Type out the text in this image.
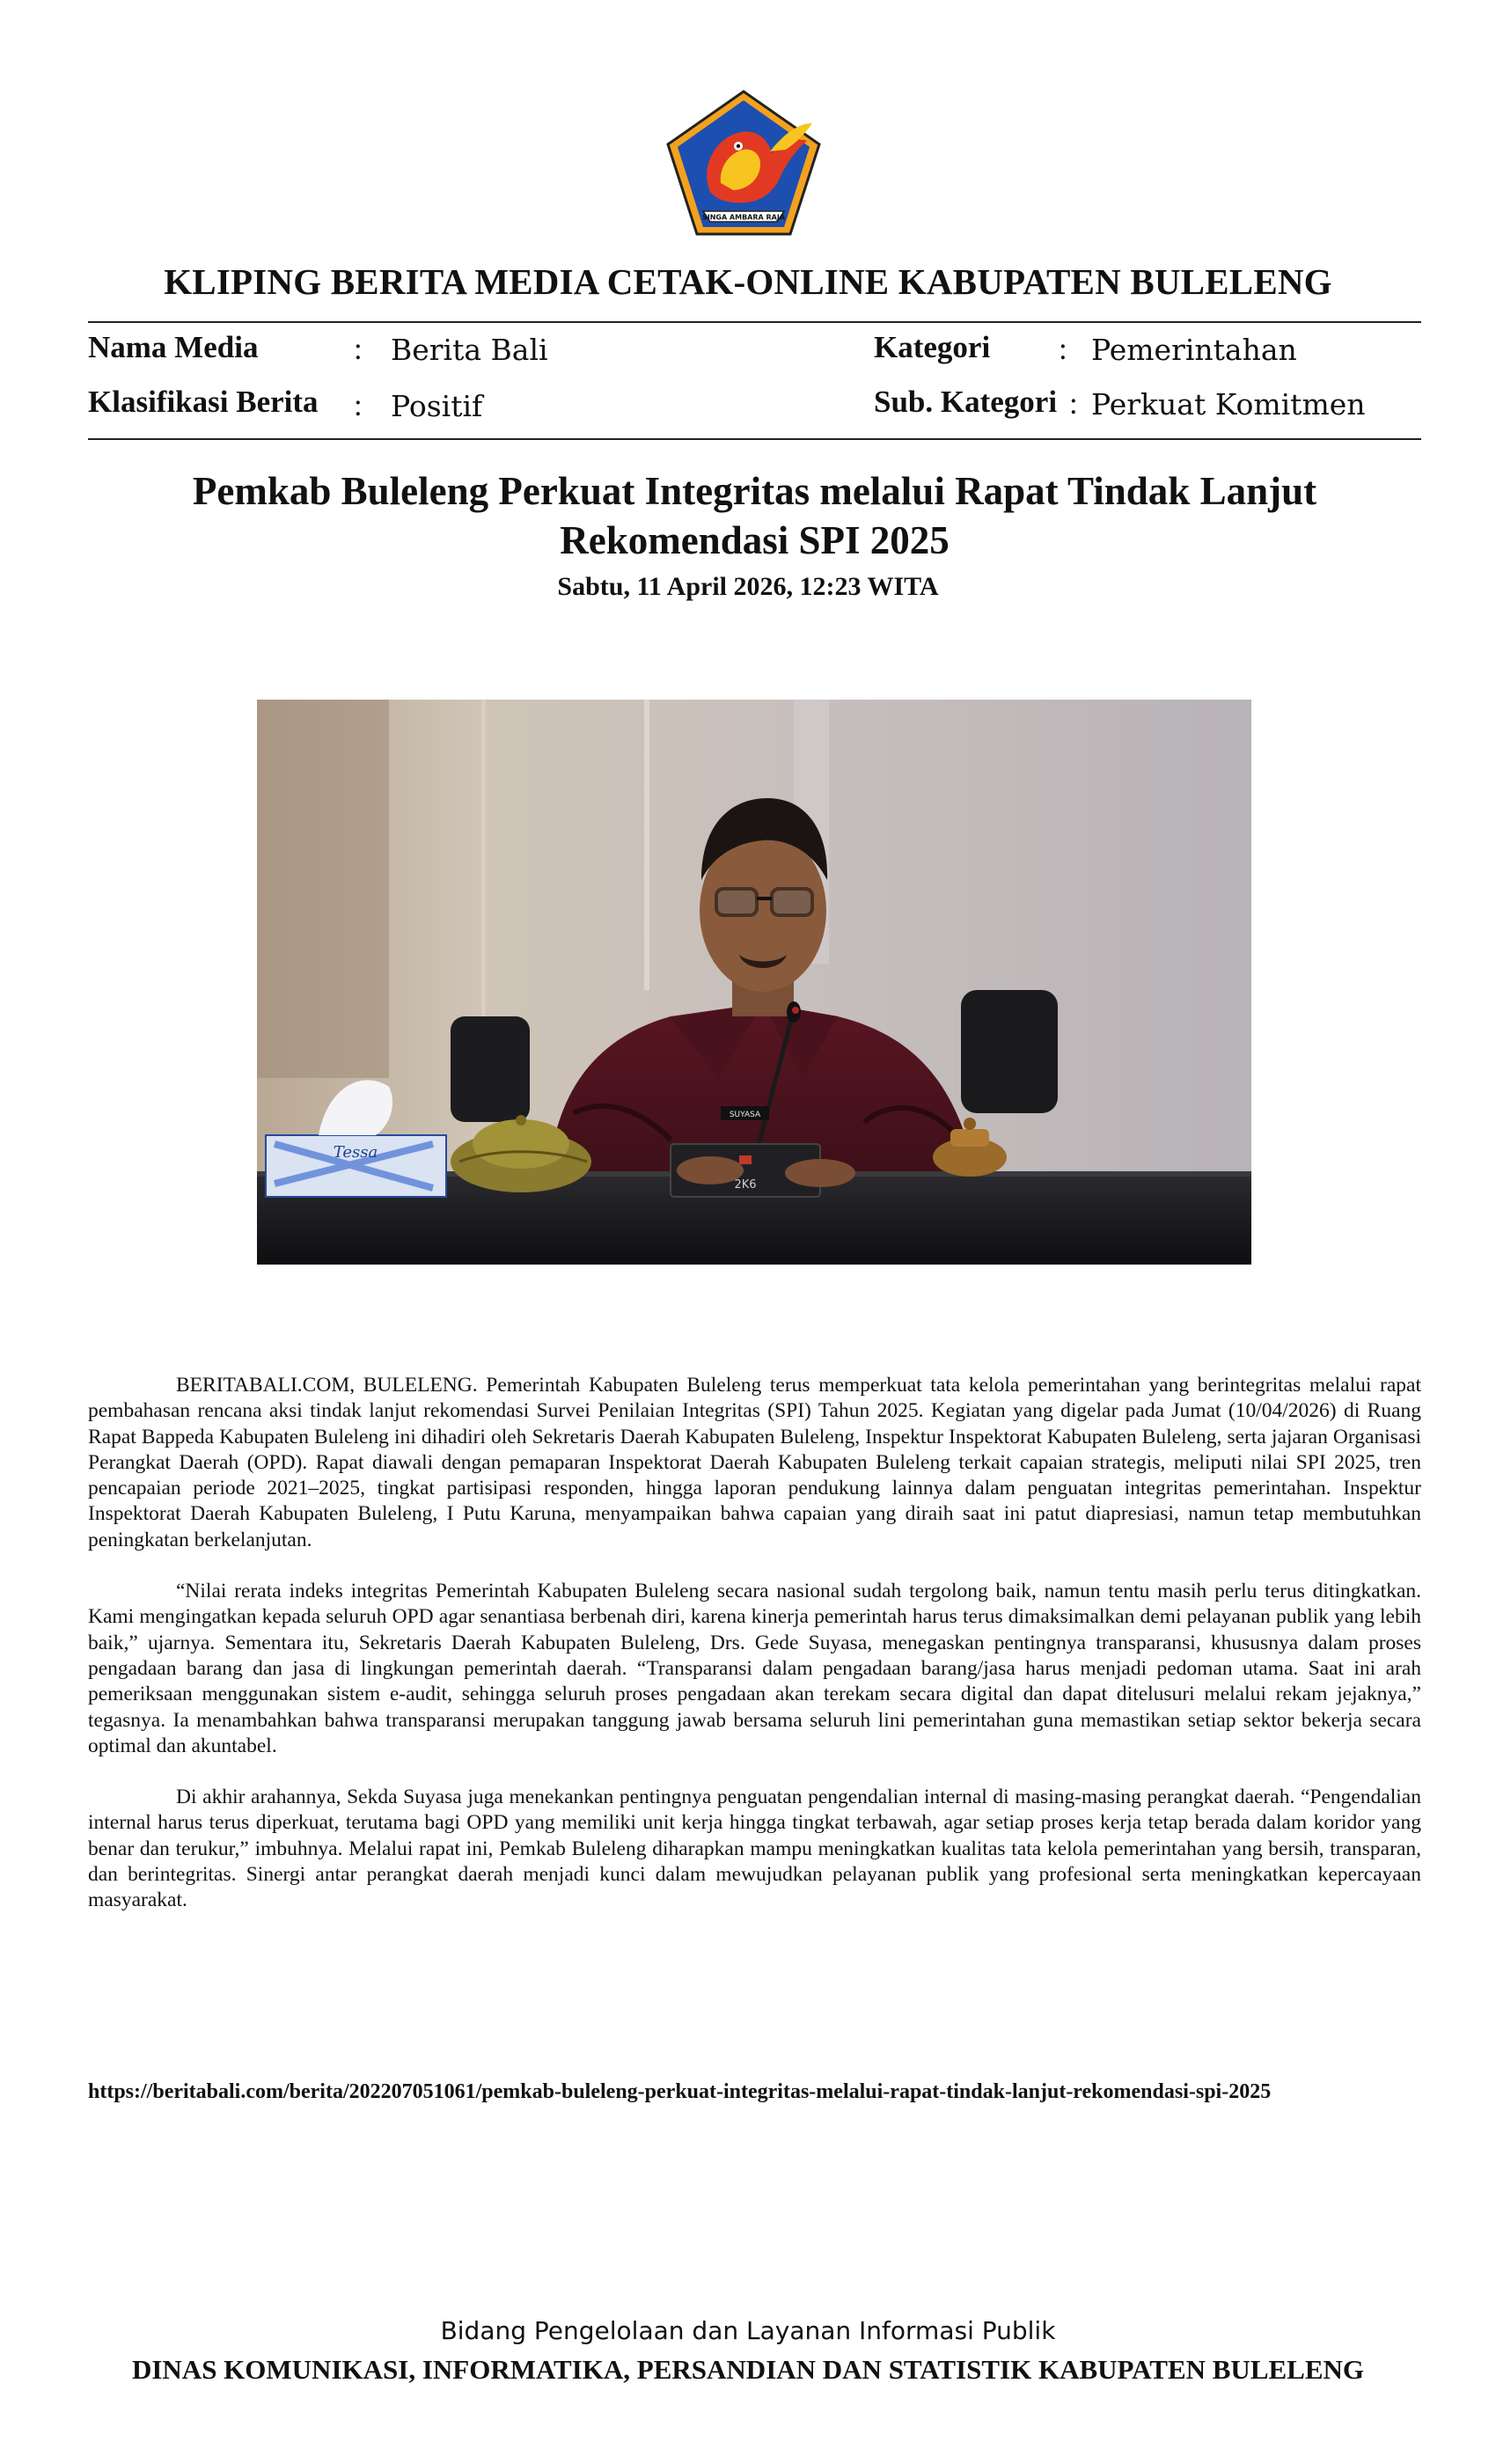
SINGA AMBARA RAJA
KLIPING BERITA MEDIA CETAK-ONLINE KABUPATEN BULELENG
Nama Media	: Berita Bali
Klasifikasi Berita : Positif
Kategori : Pemerintahan
Sub. Kategori : Perkuat Komitmen
Pemkab Buleleng Perkuat Integritas melalui Rapat Tindak Lanjut Rekomendasi SPI 2025
Sabtu, 11 April 2026, 12:23 WITA
SUYASA
2K6
Tessa

BERITABALI.COM, BULELENG. Pemerintah Kabupaten Buleleng terus memperkuat tata kelola pemerintahan yang berintegritas melalui rapat pembahasan rencana aksi tindak lanjut rekomendasi Survei Penilaian Integritas (SPI) Tahun 2025. Kegiatan yang digelar pada Jumat (10/04/2026) di Ruang Rapat Bappeda Kabupaten Buleleng ini dihadiri oleh Sekretaris Daerah Kabupaten Buleleng, Inspektur Inspektorat Kabupaten Buleleng, serta jajaran Organisasi Perangkat Daerah (OPD). Rapat diawali dengan pemaparan Inspektorat Daerah Kabupaten Buleleng terkait capaian strategis, meliputi nilai SPI 2025, tren pencapaian periode 2021–2025, tingkat partisipasi responden, hingga laporan pendukung lainnya dalam penguatan integritas pemerintahan. Inspektur Inspektorat Daerah Kabupaten Buleleng, I Putu Karuna, menyampaikan bahwa capaian yang diraih saat ini patut diapresiasi, namun tetap membutuhkan peningkatan berkelanjutan.

“Nilai rerata indeks integritas Pemerintah Kabupaten Buleleng secara nasional sudah tergolong baik, namun tentu masih perlu terus ditingkatkan. Kami mengingatkan kepada seluruh OPD agar senantiasa berbenah diri, karena kinerja pemerintah harus terus dimaksimalkan demi pelayanan publik yang lebih baik,” ujarnya. Sementara itu, Sekretaris Daerah Kabupaten Buleleng, Drs. Gede Suyasa, menegaskan pentingnya transparansi, khususnya dalam proses pengadaan barang dan jasa di lingkungan pemerintah daerah. “Transparansi dalam pengadaan barang/jasa harus menjadi pedoman utama. Saat ini arah pemeriksaan menggunakan sistem e-audit, sehingga seluruh proses pengadaan akan terekam secara digital dan dapat ditelusuri melalui rekam jejaknya,” tegasnya. Ia menambahkan bahwa transparansi merupakan tanggung jawab bersama seluruh lini pemerintahan guna memastikan setiap sektor bekerja secara optimal dan akuntabel.

Di akhir arahannya, Sekda Suyasa juga menekankan pentingnya penguatan pengendalian internal di masing-masing perangkat daerah. “Pengendalian internal harus terus diperkuat, terutama bagi OPD yang memiliki unit kerja hingga tingkat terbawah, agar setiap proses kerja tetap berada dalam koridor yang benar dan terukur,” imbuhnya. Melalui rapat ini, Pemkab Buleleng diharapkan mampu meningkatkan kualitas tata kelola pemerintahan yang bersih, transparan, dan berintegritas. Sinergi antar perangkat daerah menjadi kunci dalam mewujudkan pelayanan publik yang profesional serta meningkatkan kepercayaan masyarakat.

https://beritabali.com/berita/202207051061/pemkab-buleleng-perkuat-integritas-melalui-rapat-tindak-lanjut-rekomendasi-spi-2025
Bidang Pengelolaan dan Layanan Informasi Publik
DINAS KOMUNIKASI, INFORMATIKA, PERSANDIAN DAN STATISTIK KABUPATEN BULELENG
